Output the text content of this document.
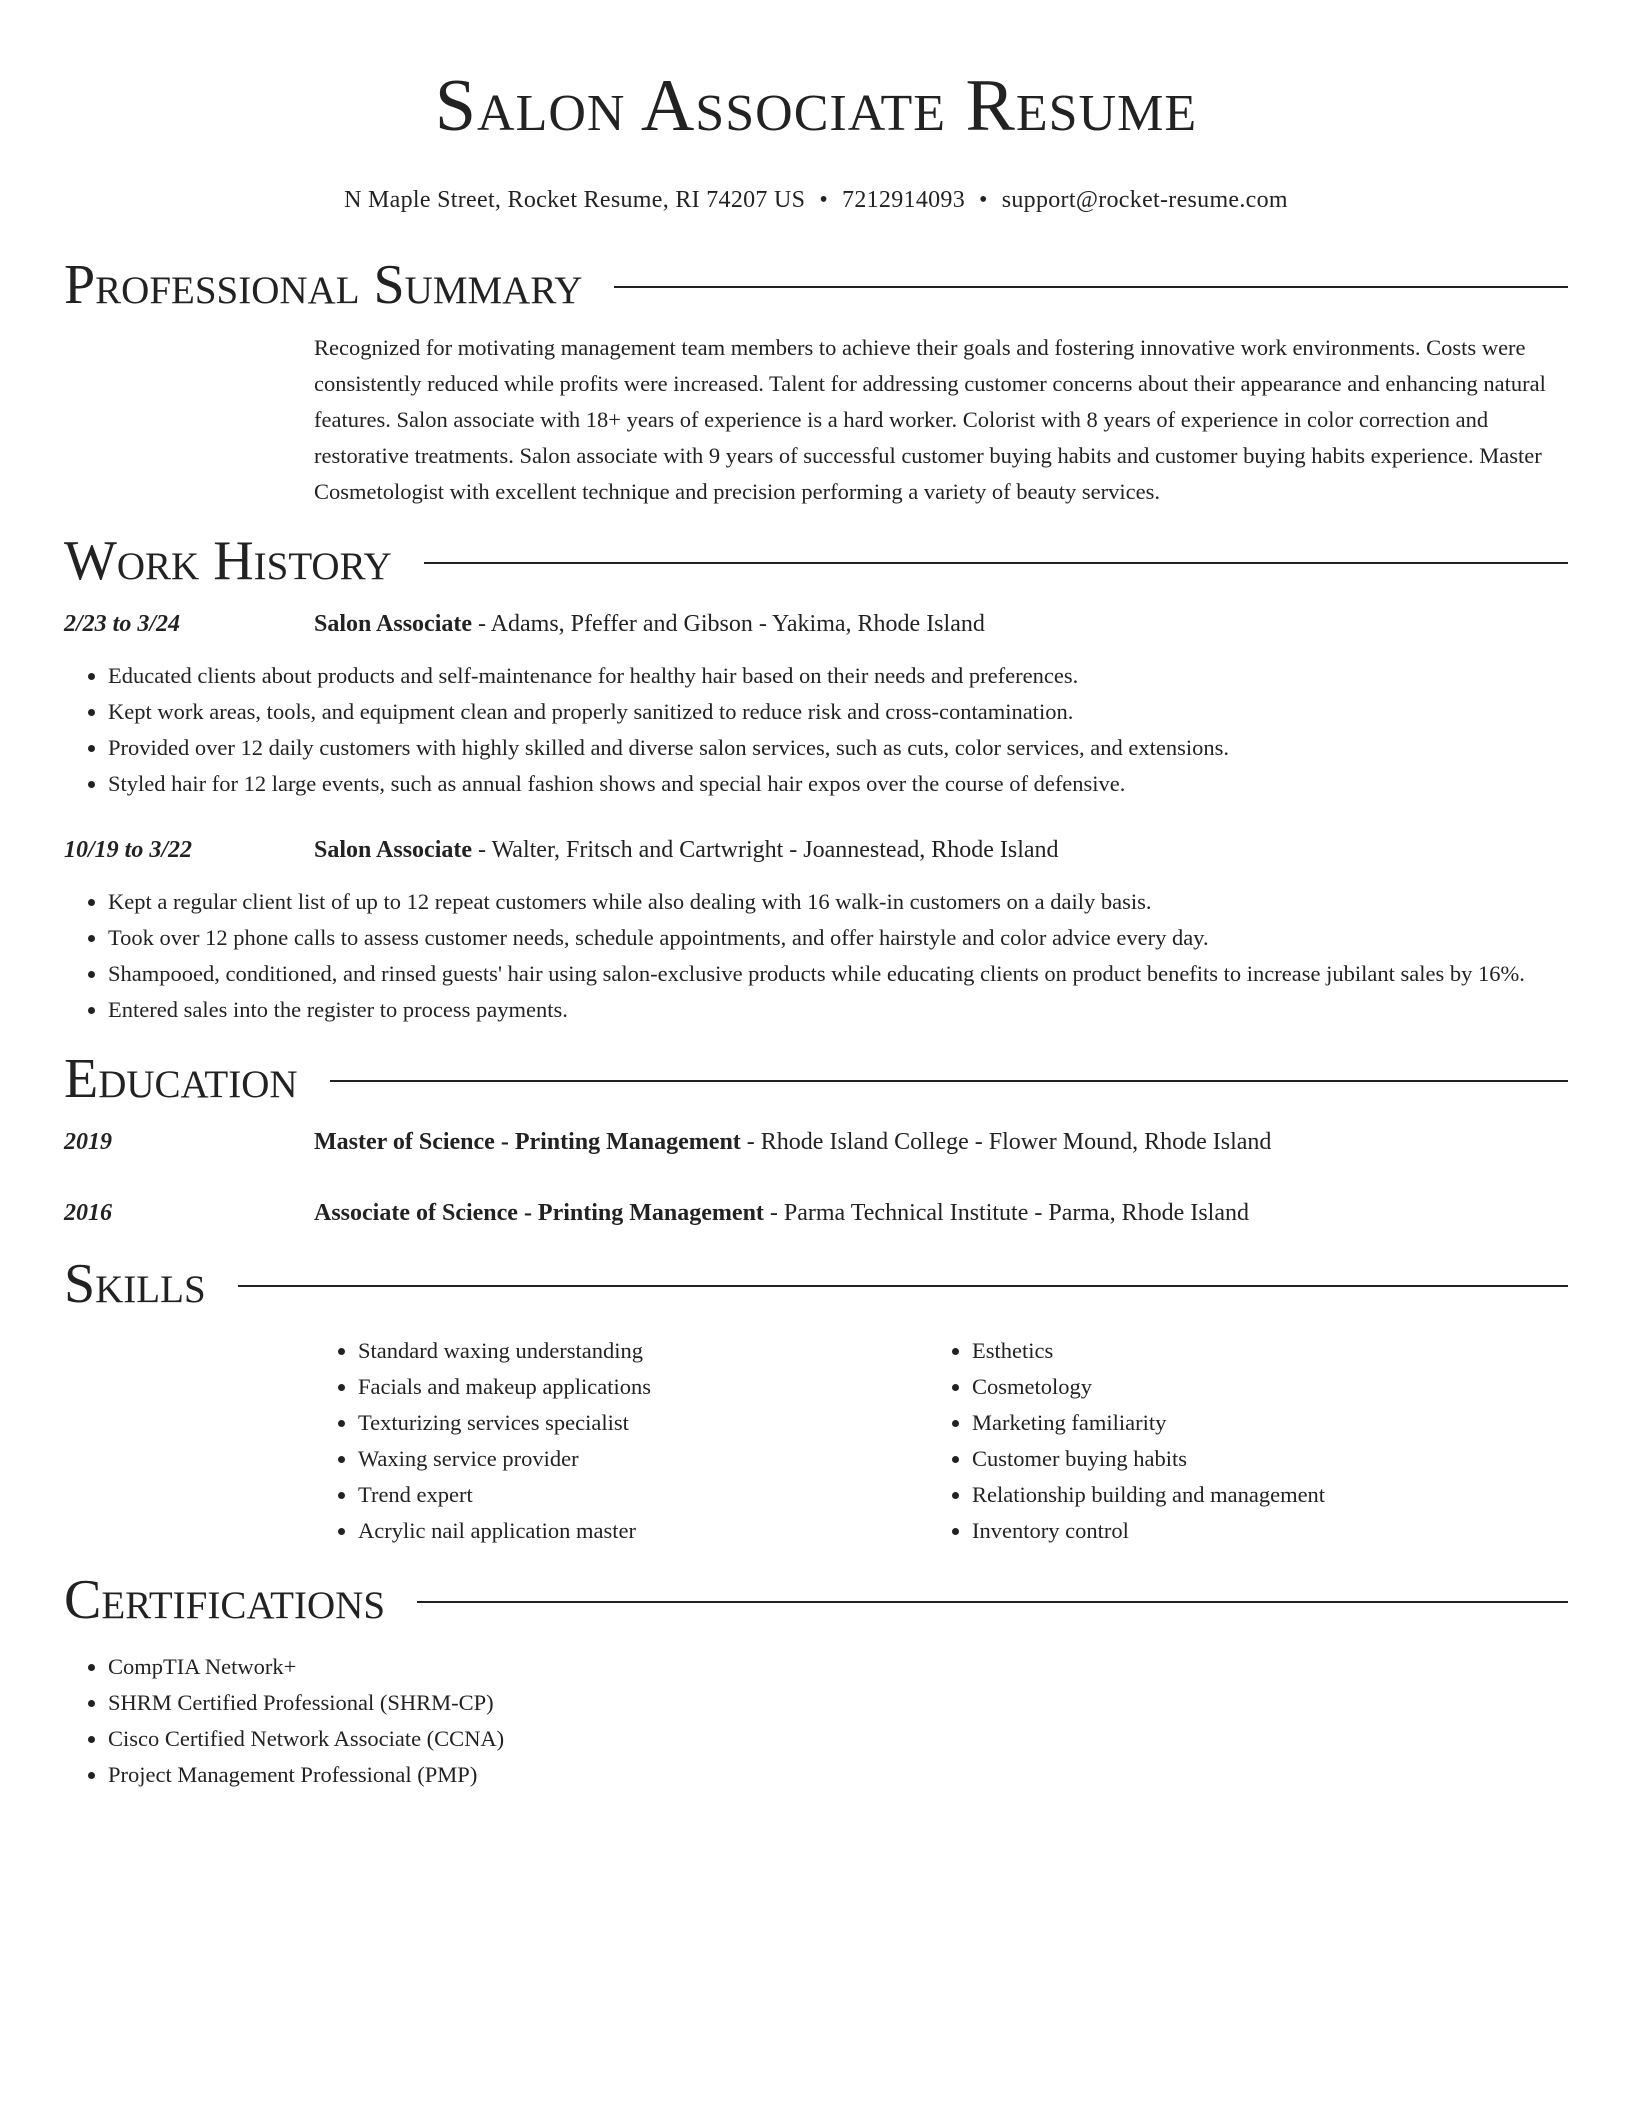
Salon Associate Resume
N Maple Street, Rocket Resume, RI 74207 US • 7212914093 • support@rocket-resume.com
Professional Summary
Recognized for motivating management team members to achieve their goals and fostering innovative work environments. Costs were consistently reduced while profits were increased. Talent for addressing customer concerns about their appearance and enhancing natural features. Salon associate with 18+ years of experience is a hard worker. Colorist with 8 years of experience in color correction and restorative treatments. Salon associate with 9 years of successful customer buying habits and customer buying habits experience. Master Cosmetologist with excellent technique and precision performing a variety of beauty services.
Work History
2/23 to 3/24	Salon Associate - Adams, Pfeffer and Gibson - Yakima, Rhode Island
• Educated clients about products and self-maintenance for healthy hair based on their needs and preferences.
• Kept work areas, tools, and equipment clean and properly sanitized to reduce risk and cross-contamination.
• Provided over 12 daily customers with highly skilled and diverse salon services, such as cuts, color services, and extensions.
• Styled hair for 12 large events, such as annual fashion shows and special hair expos over the course of defensive.
10/19 to 3/22	Salon Associate - Walter, Fritsch and Cartwright - Joannestead, Rhode Island
• Kept a regular client list of up to 12 repeat customers while also dealing with 16 walk-in customers on a daily basis.
• Took over 12 phone calls to assess customer needs, schedule appointments, and offer hairstyle and color advice every day.
• Shampooed, conditioned, and rinsed guests' hair using salon-exclusive products while educating clients on product benefits to increase jubilant sales by 16%.
• Entered sales into the register to process payments.
Education
2019	Master of Science - Printing Management - Rhode Island College - Flower Mound, Rhode Island
2016	Associate of Science - Printing Management - Parma Technical Institute - Parma, Rhode Island
Skills
• Standard waxing understanding
• Facials and makeup applications
• Texturizing services specialist
• Waxing service provider
• Trend expert
• Acrylic nail application master
• Esthetics
• Cosmetology
• Marketing familiarity
• Customer buying habits
• Relationship building and management
• Inventory control
Certifications
• CompTIA Network+
• SHRM Certified Professional (SHRM-CP)
• Cisco Certified Network Associate (CCNA)
• Project Management Professional (PMP)
